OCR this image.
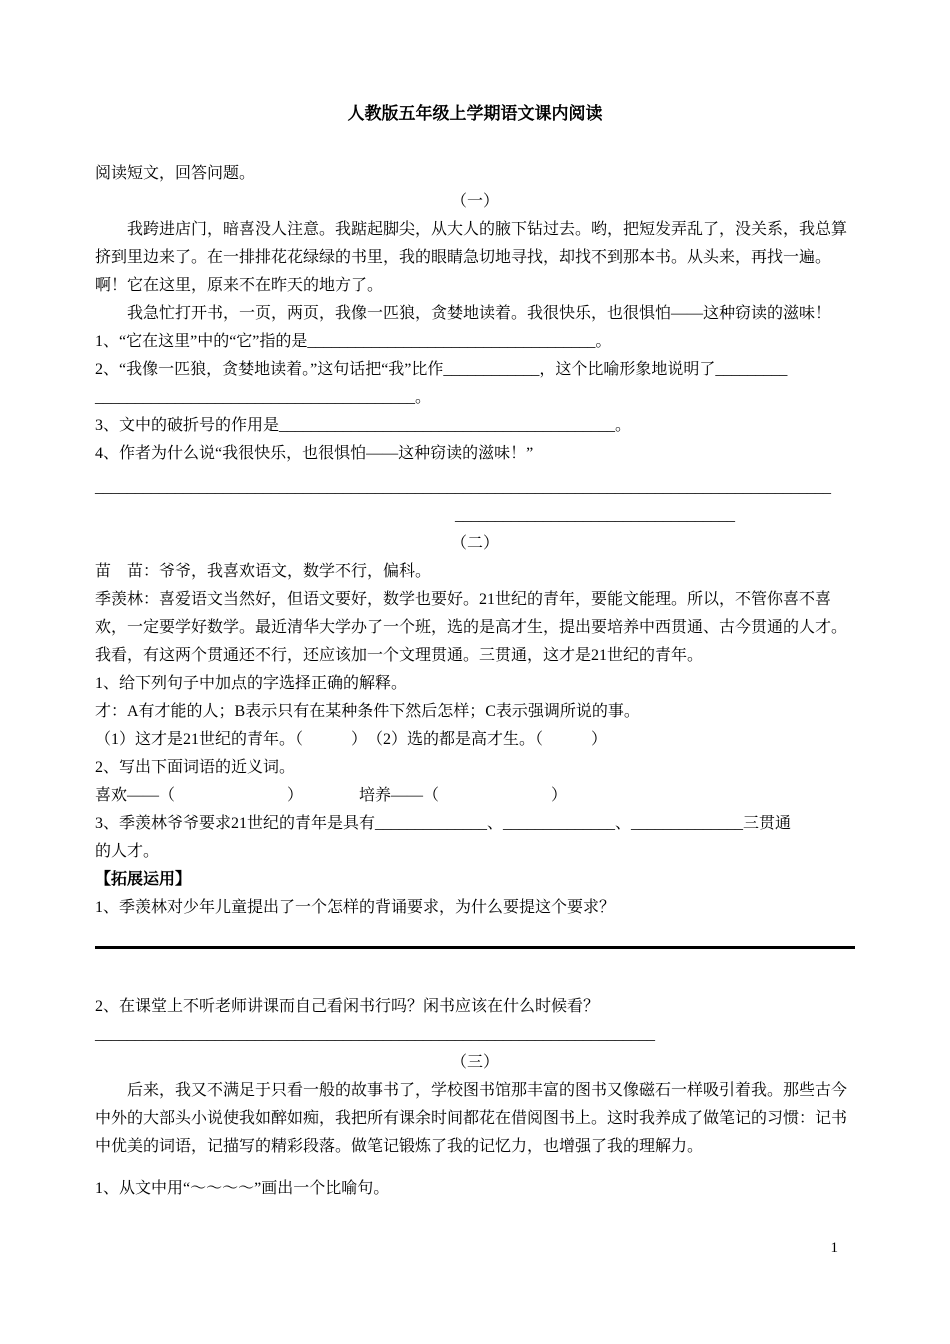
人教版五年级上学期语文课内阅读

阅读短文，回答问题。

（一）

我跨进店门，暗喜没人注意。我踮起脚尖，从大人的腋下钻过去。哟，把短发弄乱了，没关系，我总算挤到里边来了。在一排排花花绿绿的书里，我的眼睛急切地寻找，却找不到那本书。从头来，再找一遍。啊！它在这里，原来不在昨天的地方了。

我急忙打开书，一页，两页，我像一匹狼，贪婪地读着。我很快乐，也很惧怕——这种窃读的滋味！

1、“它在这里”中的“它”指的是____________________________________。

2、“我像一匹狼，贪婪地读着。”这句话把“我”比作____________，这个比喻形象地说明了_________

________________________________________。

3、文中的破折号的作用是__________________________________________。

4、作者为什么说“我很快乐，也很惧怕——这种窃读的滋味！”

____________________________________________________________________________________________

___________________________________

（二）

苗　苗：爷爷，我喜欢语文，数学不行，偏科。

季羡林：喜爱语文当然好，但语文要好，数学也要好。21世纪的青年，要能文能理。所以，不管你喜不喜欢，一定要学好数学。最近清华大学办了一个班，选的是高才生，提出要培养中西贯通、古今贯通的人才。我看，有这两个贯通还不行，还应该加一个文理贯通。三贯通，这才是21世纪的青年。

1、给下列句子中加点的字选择正确的解释。

才：A有才能的人；B表示只有在某种条件下然后怎样；C表示强调所说的事。

（1）这才是21世纪的青年。（　　　）　（2）选的都是高才生。（　　　）

2、写出下面词语的近义词。

喜欢——（　　　　　　　）　　　　培养——（　　　　　　　）

3、季羡林爷爷要求21世纪的青年是具有______________、______________、______________三贯通

的人才。

【拓展运用】

1、季羡林对少年儿童提出了一个怎样的背诵要求，为什么要提这个要求？

2、在课堂上不听老师讲课而自己看闲书行吗？闲书应该在什么时候看？

______________________________________________________________________

（三）

后来，我又不满足于只看一般的故事书了，学校图书馆那丰富的图书又像磁石一样吸引着我。那些古今中外的大部头小说使我如醉如痴，我把所有课余时间都花在借阅图书上。这时我养成了做笔记的习惯：记书中优美的词语，记描写的精彩段落。做笔记锻炼了我的记忆力，也增强了我的理解力。

1、从文中用“～～～～”画出一个比喻句。

1
